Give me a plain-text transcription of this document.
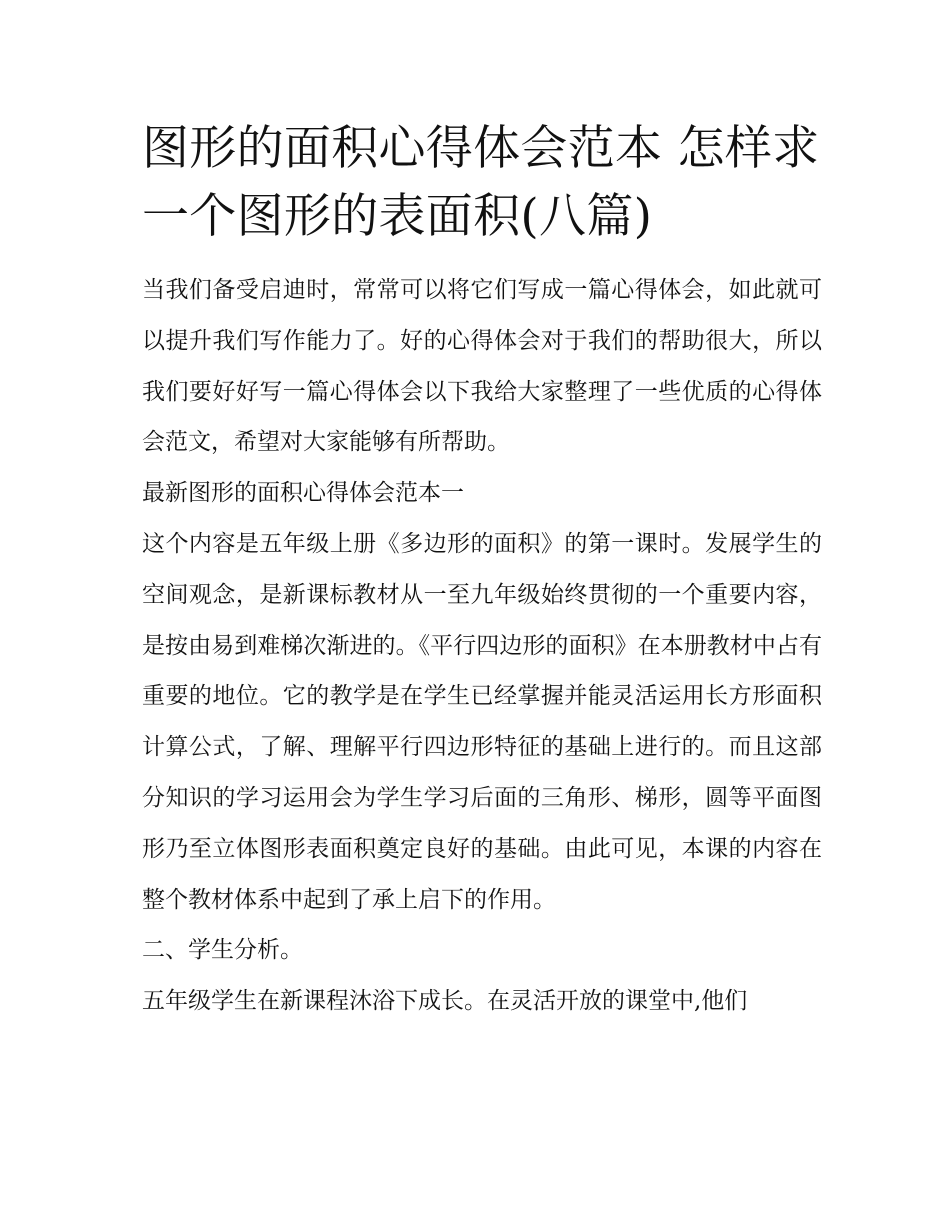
图形的面积心得体会范本 怎样求一个图形的表面积(八篇)

当我们备受启迪时，常常可以将它们写成一篇心得体会，如此就可以提升我们写作能力了。好的心得体会对于我们的帮助很大，所以我们要好好写一篇心得体会以下我给大家整理了一些优质的心得体会范文，希望对大家能够有所帮助。

最新图形的面积心得体会范本一

这个内容是五年级上册《多边形的面积》的第一课时。发展学生的空间观念，是新课标教材从一至九年级始终贯彻的一个重要内容，是按由易到难梯次渐进的。《平行四边形的面积》在本册教材中占有重要的地位。它的教学是在学生已经掌握并能灵活运用长方形面积计算公式，了解、理解平行四边形特征的基础上进行的。而且这部分知识的学习运用会为学生学习后面的三角形、梯形，圆等平面图形乃至立体图形表面积奠定良好的基础。由此可见，本课的内容在整个教材体系中起到了承上启下的作用。

二、学生分析。

五年级学生在新课程沐浴下成长。在灵活开放的课堂中,他们
